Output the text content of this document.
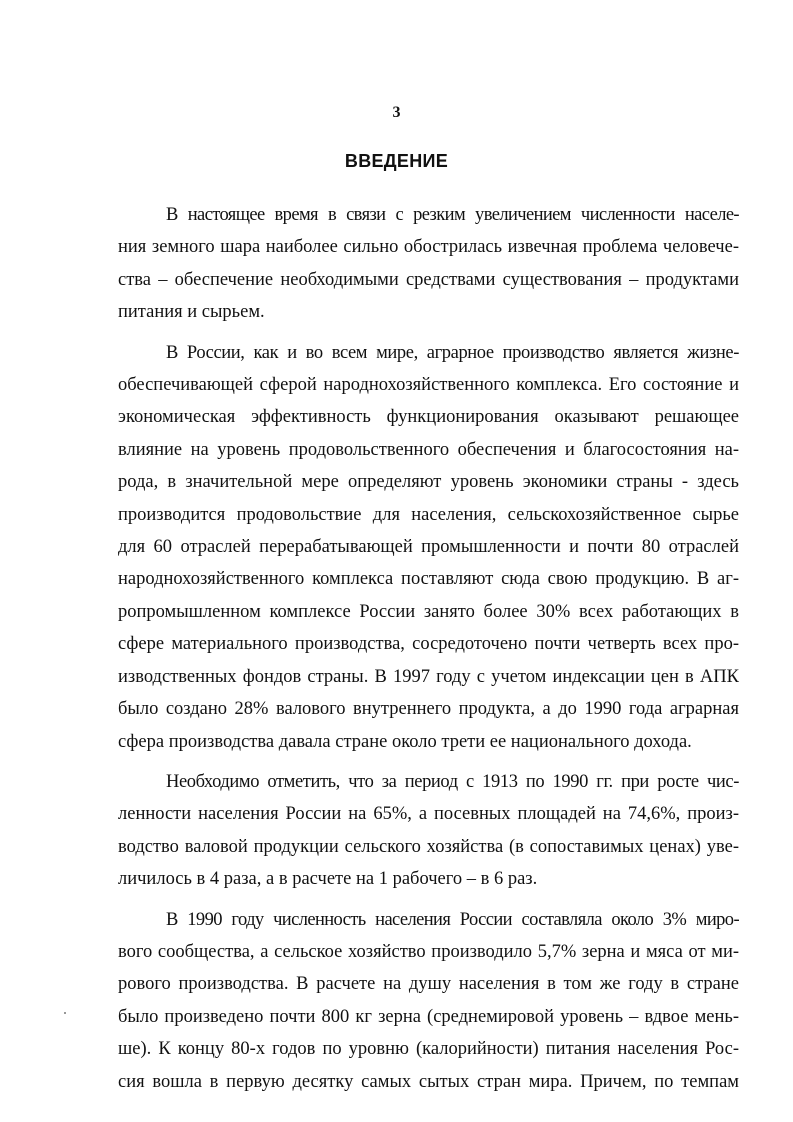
3
ВВЕДЕНИЕ

В настоящее время в связи с резким увеличением численности населе-
ния земного шара наиболее сильно обострилась извечная проблема человече-
ства – обеспечение необходимыми средствами существования – продуктами
питания и сырьем.

В России, как и во всем мире, аграрное производство является жизне-
обеспечивающей сферой народнохозяйственного комплекса. Его состояние и
экономическая эффективность функционирования оказывают решающее
влияние на уровень продовольственного обеспечения и благосостояния на-
рода, в значительной мере определяют уровень экономики страны - здесь
производится продовольствие для населения, сельскохозяйственное сырье
для 60 отраслей перерабатывающей промышленности и почти 80 отраслей
народнохозяйственного комплекса поставляют сюда свою продукцию. В аг-
ропромышленном комплексе России занято более 30% всех работающих в
сфере материального производства, сосредоточено почти четверть всех про-
изводственных фондов страны. В 1997 году с учетом индексации цен в АПК
было создано 28% валового внутреннего продукта, а до 1990 года аграрная
сфера производства давала стране около трети ее национального дохода.

Необходимо отметить, что за период с 1913 по 1990 гг. при росте чис-
ленности населения России на 65%, а посевных площадей на 74,6%, произ-
водство валовой продукции сельского хозяйства (в сопоставимых ценах) уве-
личилось в 4 раза, а в расчете на 1 рабочего – в 6 раз.

В 1990 году численность населения России составляла около 3% миро-
вого сообщества, а сельское хозяйство производило 5,7% зерна и мяса от ми-
рового производства. В расчете на душу населения в том же году в стране
было произведено почти 800 кг зерна (среднемировой уровень – вдвое мень-
ше). К концу 80-х годов по уровню (калорийности) питания населения Рос-
сия вошла в первую десятку самых сытых стран мира. Причем, по темпам
